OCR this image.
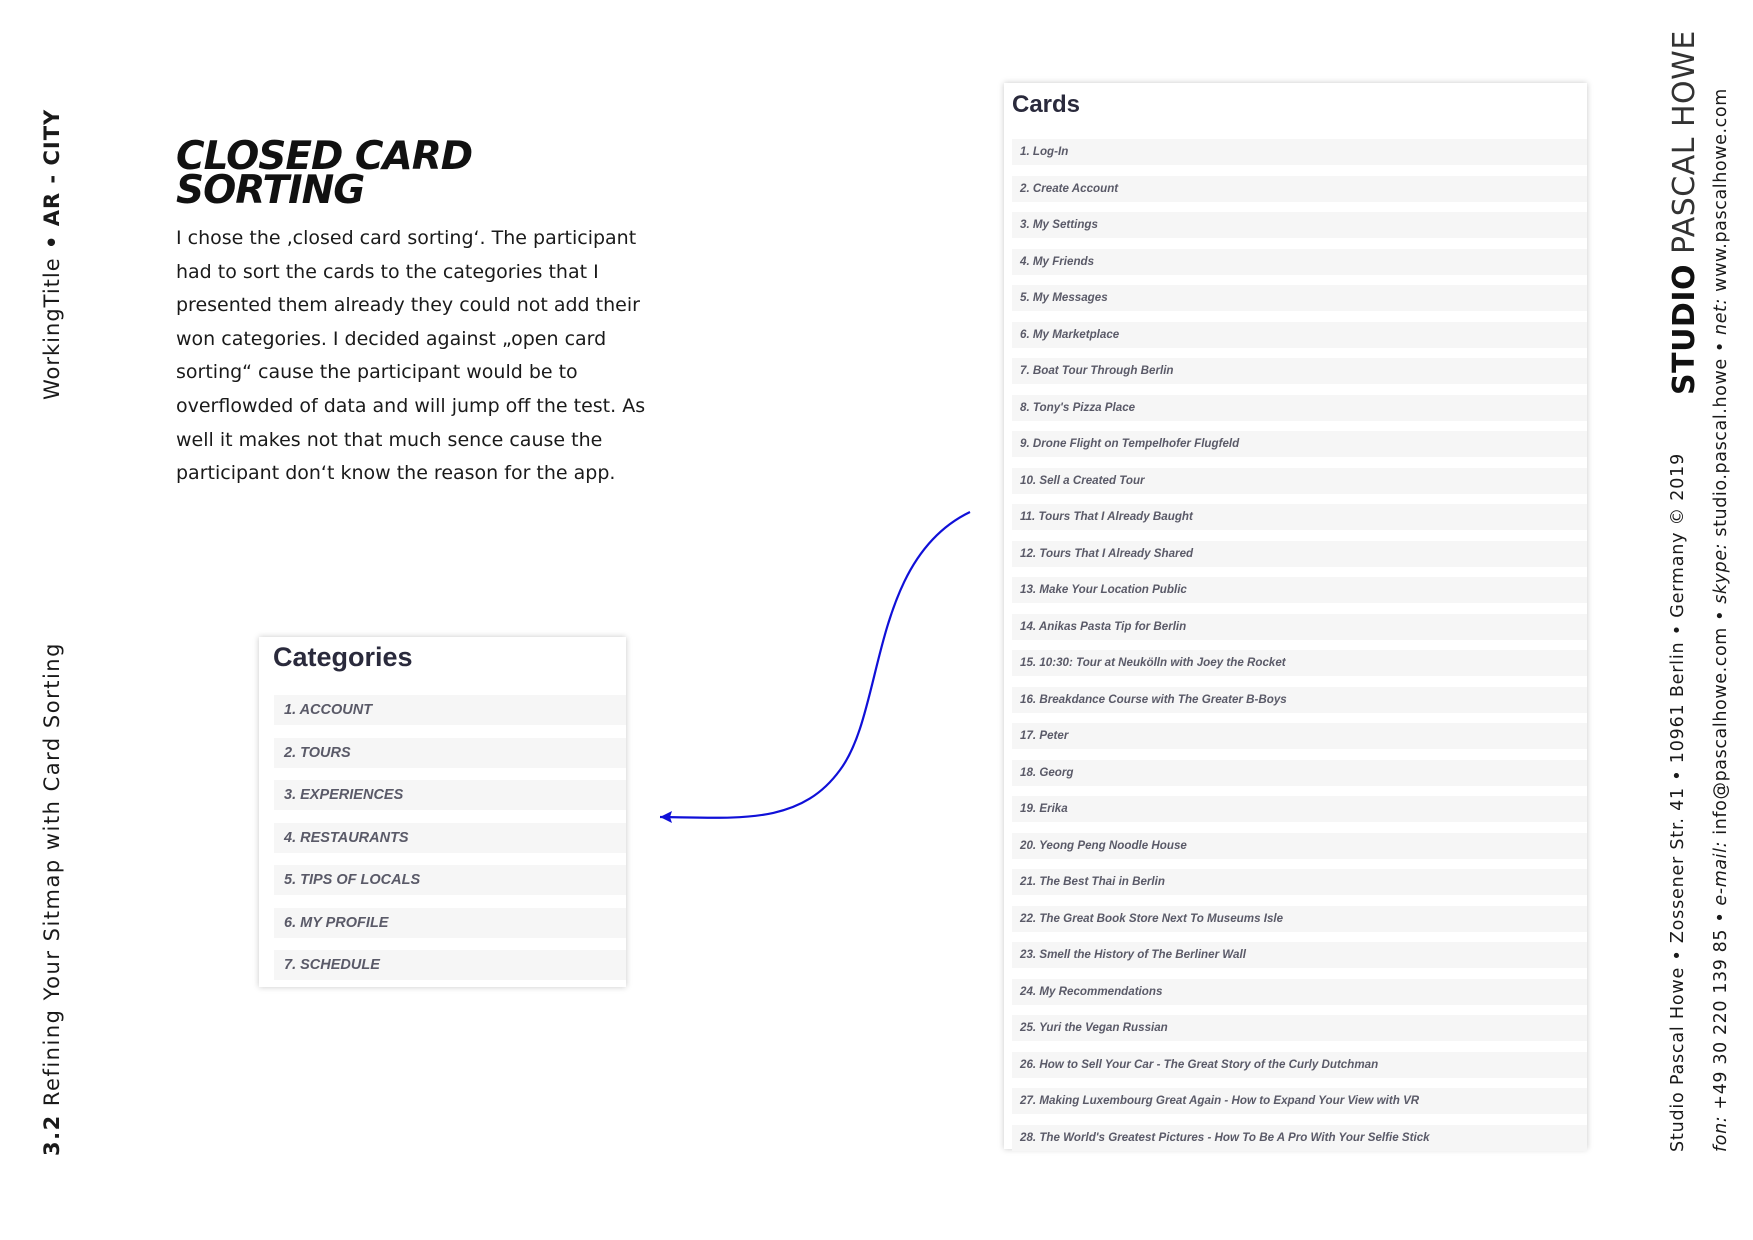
WorkingTitle • AR - CITY
3.2 Refining Your Sitmap with Card Sorting
CLOSED CARD
SORTING

I chose the ‚closed card sorting‘. The participant had to sort the cards to the categories that I presented them already they could not add their won categories. I decided against „open card sorting“ cause the participant would be to overflowded of data and will jump off the test. As well it makes not that much sence cause the participant don‘t know the reason for the app.

Categories
1. ACCOUNT
2. TOURS
3. EXPERIENCES
4. RESTAURANTS
5. TIPS OF LOCALS
6. MY PROFILE
7. SCHEDULE
Cards
1. Log-In
2. Create Account
3. My Settings
4. My Friends
5. My Messages
6. My Marketplace
7. Boat Tour Through Berlin
8. Tony's Pizza Place
9. Drone Flight on Tempelhofer Flugfeld
10. Sell a Created Tour
11. Tours That I Already Baught
12. Tours That I Already Shared
13. Make Your Location Public
14. Anikas Pasta Tip for Berlin
15. 10:30: Tour at Neukölln with Joey the Rocket
16. Breakdance Course with The Greater B-Boys
17. Peter
18. Georg
19. Erika
20. Yeong Peng Noodle House
21. The Best Thai in Berlin
22. The Great Book Store Next To Museums Isle
23. Smell the History of The Berliner Wall
24. My Recommendations
25. Yuri the Vegan Russian
26. How to Sell Your Car - The Great Story of the Curly Dutchman
27. Making Luxembourg Great Again - How to Expand Your View with VR
28. The World's Greatest Pictures - How To Be A Pro With Your Selfie Stick
STUDIO PASCAL HOWE
Studio Pascal Howe • Zossener Str. 41 • 10961 Berlin • Germany © 2019 fon: +49 30 220 139 85 • e-mail: info@pascalhowe.com • skype: studio.pascal.howe • net: www.pascalhowe.com
